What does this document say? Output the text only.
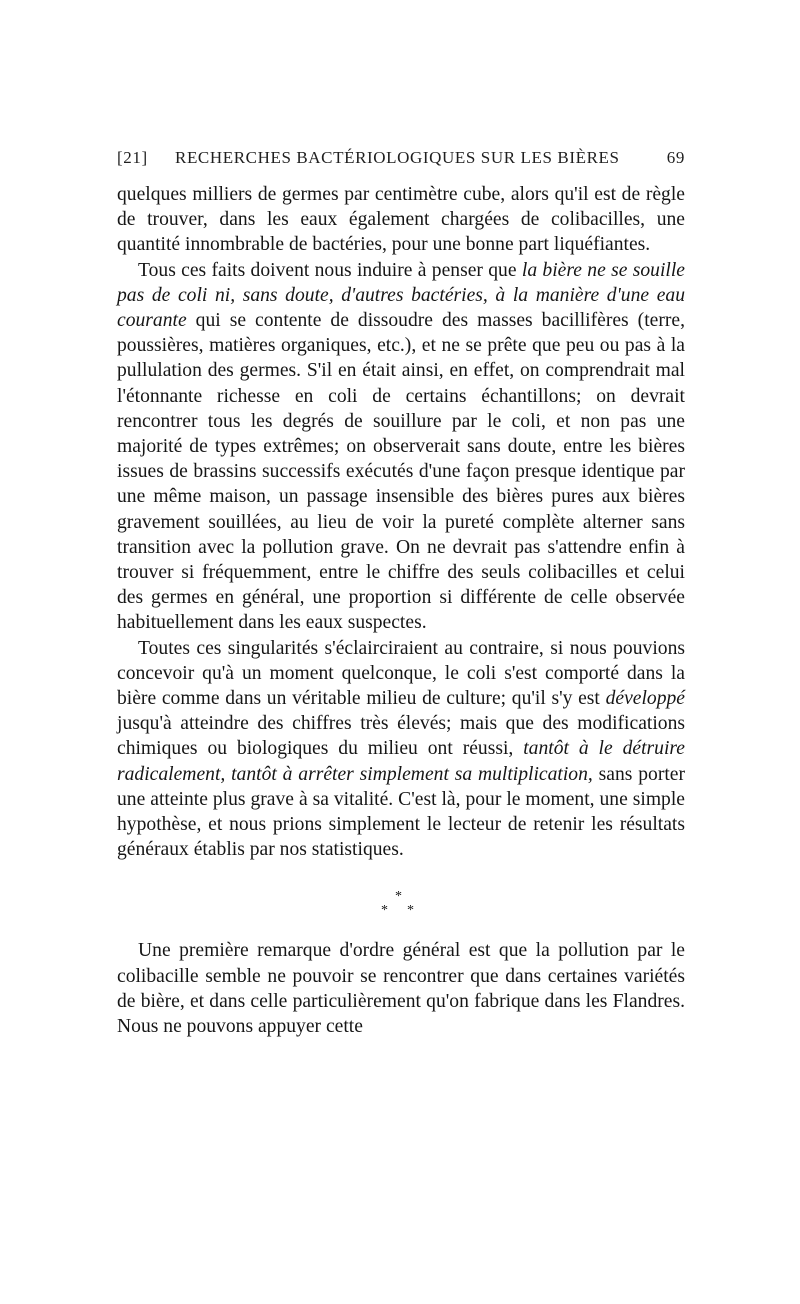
[21] RECHERCHES BACTÉRIOLOGIQUES SUR LES BIÈRES	69

quelques milliers de germes par centimètre cube, alors qu'il est de règle de trouver, dans les eaux également chargées de colibacilles, une quantité innombrable de bactéries, pour une bonne part liquéfiantes.

Tous ces faits doivent nous induire à penser que la bière ne se souille pas de coli ni, sans doute, d'autres bactéries, à la manière d'une eau courante qui se contente de dissoudre des masses bacillifères (terre, poussières, matières organiques, etc.), et ne se prête que peu ou pas à la pullulation des germes. S'il en était ainsi, en effet, on comprendrait mal l'étonnante richesse en coli de certains échantillons; on devrait rencontrer tous les degrés de souillure par le coli, et non pas une majorité de types extrêmes; on observerait sans doute, entre les bières issues de brassins successifs exécutés d'une façon presque identique par une même maison, un passage insensible des bières pures aux bières gravement souillées, au lieu de voir la pureté complète alterner sans transition avec la pollution grave. On ne devrait pas s'attendre enfin à trouver si fréquemment, entre le chiffre des seuls colibacilles et celui des germes en général, une proportion si différente de celle observée habituellement dans les eaux suspectes.

Toutes ces singularités s'éclairciraient au contraire, si nous pouvions concevoir qu'à un moment quelconque, le coli s'est comporté dans la bière comme dans un véritable milieu de culture; qu'il s'y est développé jusqu'à atteindre des chiffres très élevés; mais que des modifications chimiques ou biologiques du milieu ont réussi, tantôt à le détruire radicalement, tantôt à arrêter simplement sa multiplication, sans porter une atteinte plus grave à sa vitalité. C'est là, pour le moment, une simple hypothèse, et nous prions simplement le lecteur de retenir les résultats généraux établis par nos statistiques.

*
* *

Une première remarque d'ordre général est que la pollution par le colibacille semble ne pouvoir se rencontrer que dans certaines variétés de bière, et dans celle particulièrement qu'on fabrique dans les Flandres. Nous ne pouvons appuyer cette
